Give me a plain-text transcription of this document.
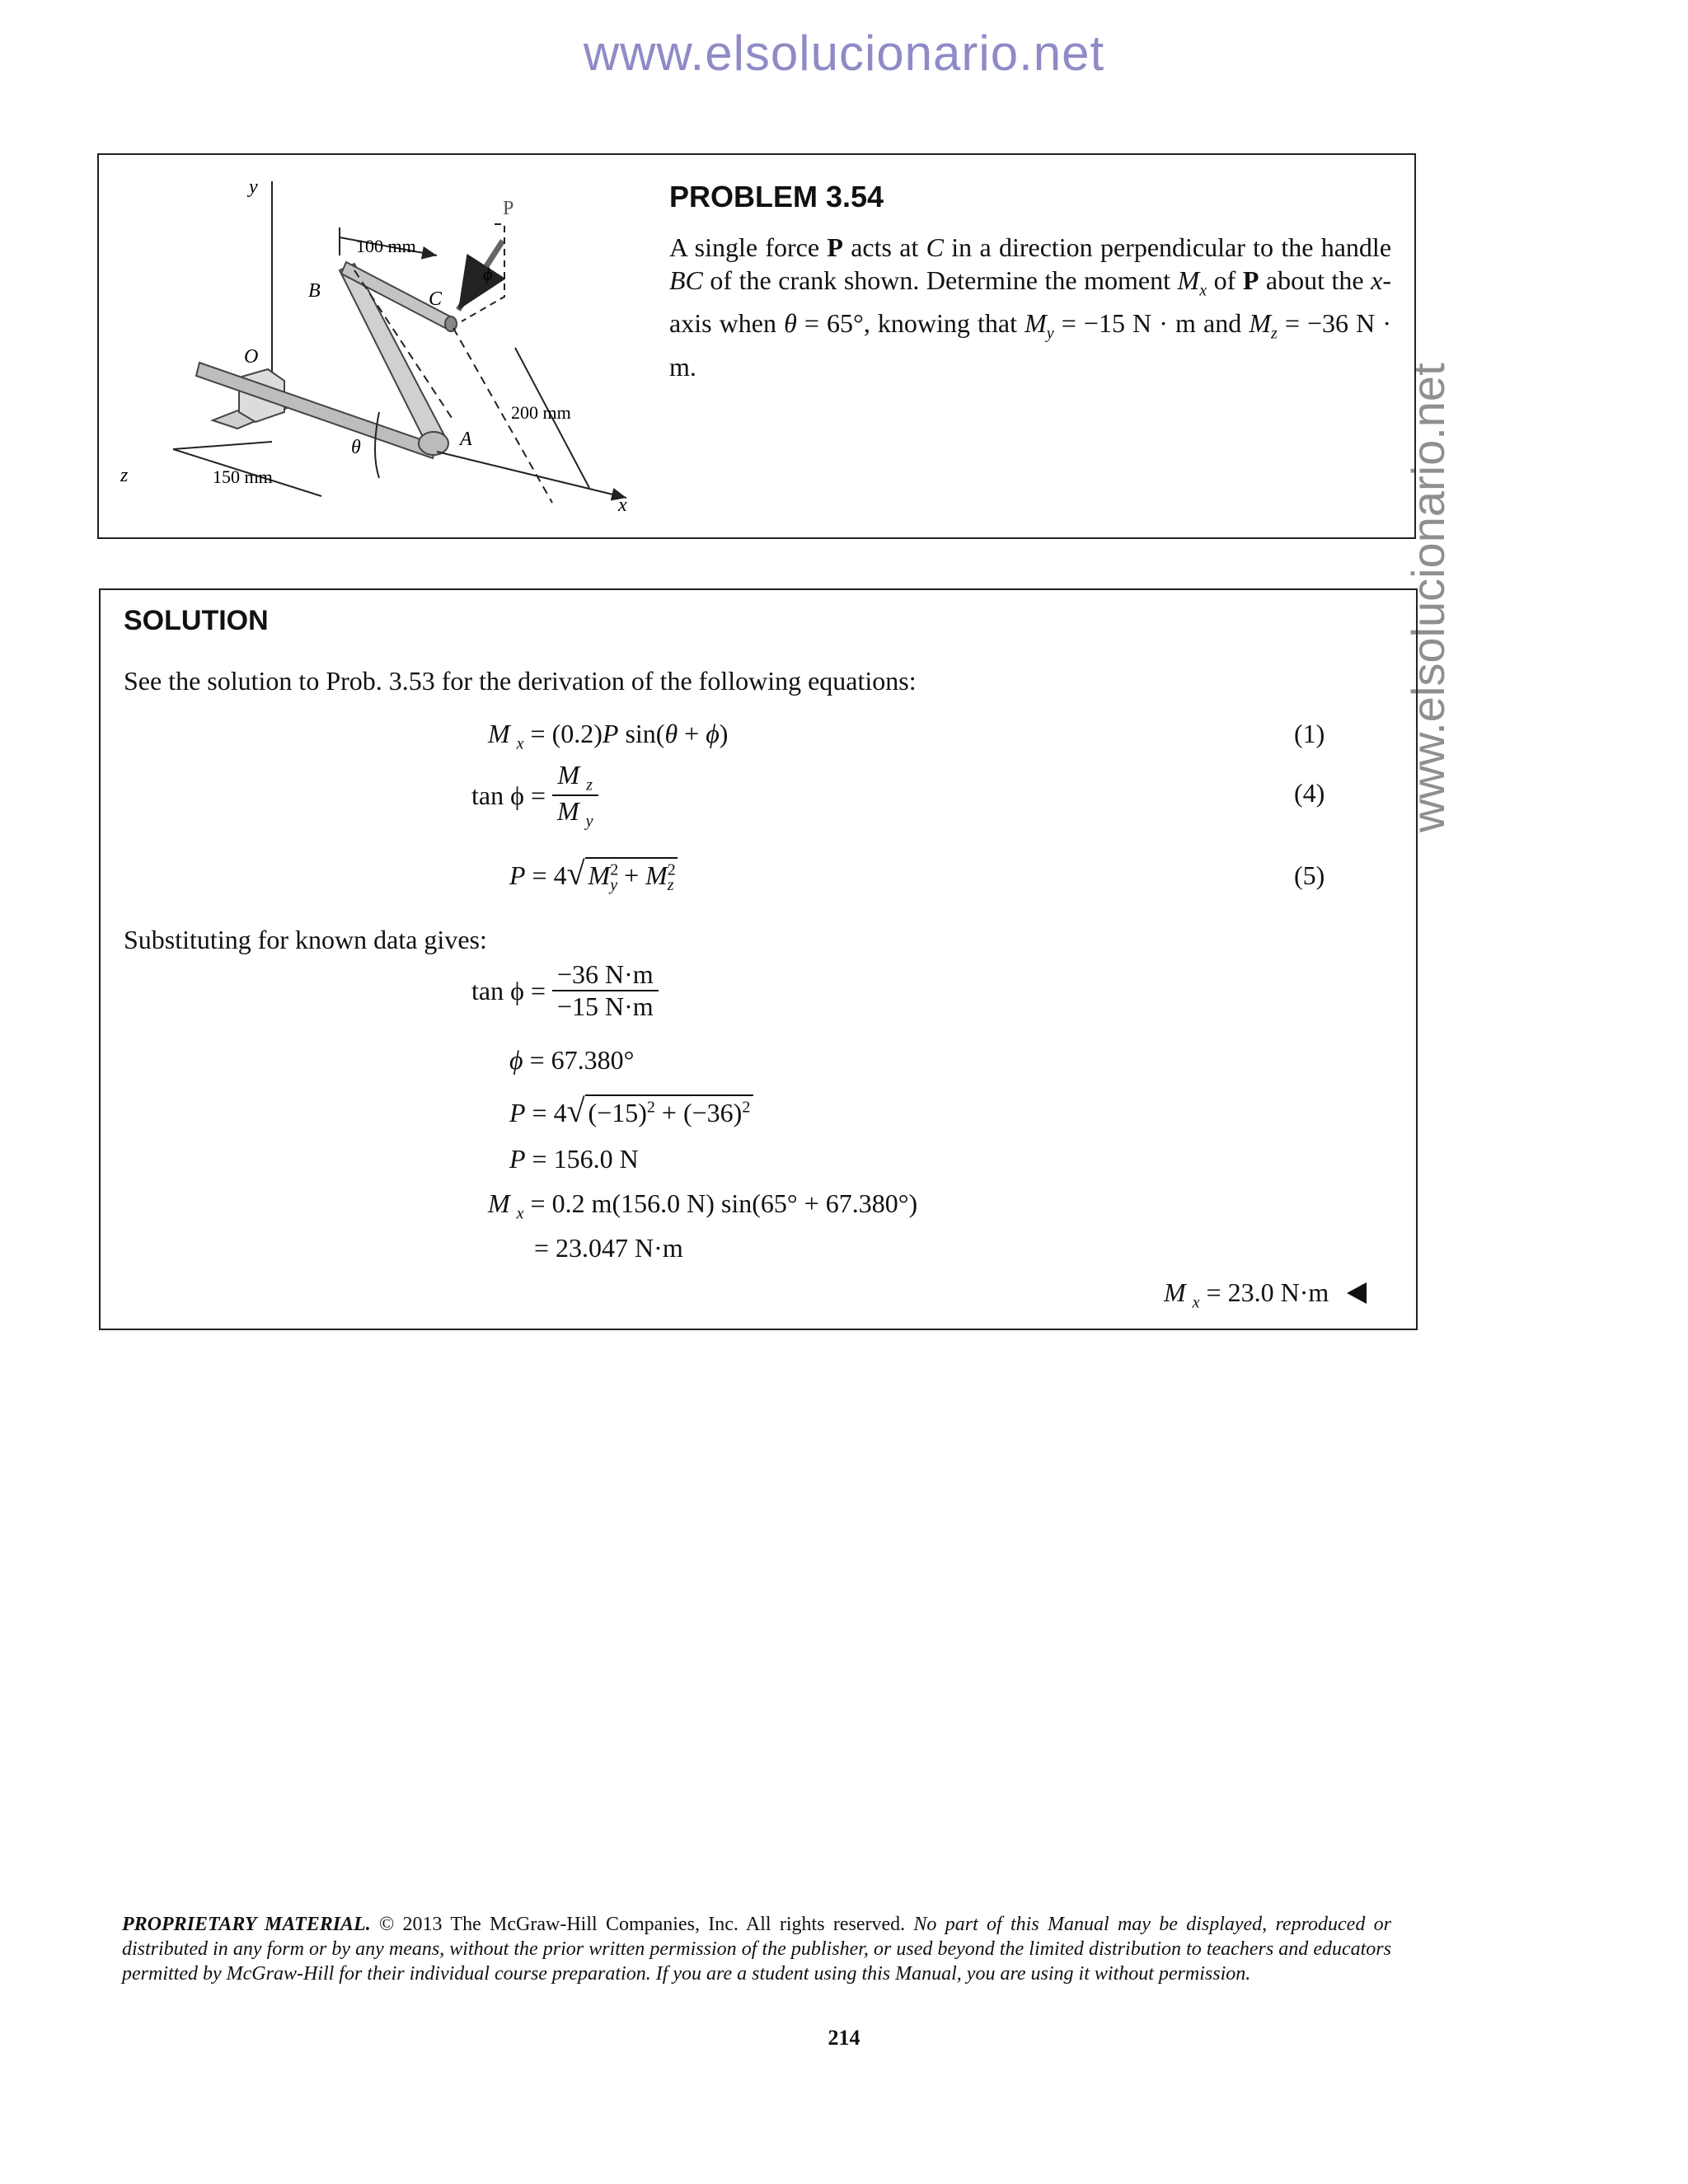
www.elsolucionario.net
www.elsolucionario.net
y
P
ϕ
100 mm
200 mm
x
z	150 mm
θ
O
B	C
A
PROBLEM 3.54
A single force P acts at C in a direction perpendicular to the handle BC of the crank shown. Determine the moment $M_x$ of P about the x-axis when θ = 65°, knowing that $M_y = -15$ N · m and $M_z = -36$ N · m.
SOLUTION
See the solution to Prob. 3.53 for the derivation of the following equations:
M $_x$ = (0.2)P sin(θ + ϕ)	(1)
$\tan \phi = \frac{M _z}{M _y}$	(4)
P = 4√ $M^2_y + M^2_z$	(5)
Substituting for known data gives:
$\tan \phi = \frac{-36 N\cdot m}{-15 N\cdot m}$
ϕ = 67.380°
P = 4√ $(-15)^2 + (-36)^2$
P = 156.0 N
M $_x$ = 0.2 m(156.0 N) sin(65° + 67.380°)
= 23.047 N·m
M $_x$ = 23.0 N·m
PROPRIETARY MATERIAL. © 2013 The McGraw-Hill Companies, Inc. All rights reserved. No part of this Manual may be displayed, reproduced or distributed in any form or by any means, without the prior written permission of the publisher, or used beyond the limited distribution to teachers and educators permitted by McGraw-Hill for their individual course preparation. If you are a student using this Manual, you are using it without permission.
214
